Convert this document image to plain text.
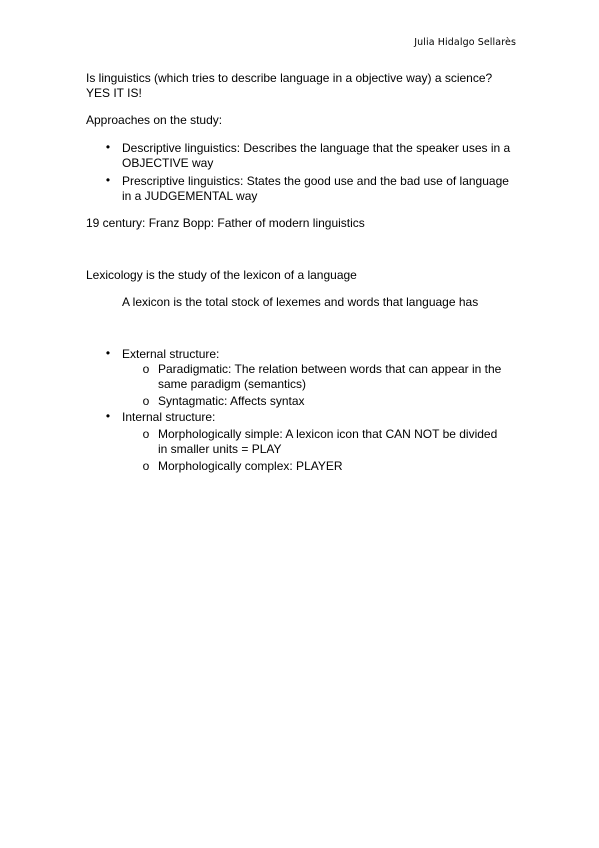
Julia Hidalgo Sellarès
Is linguistics (which tries to describe language in a objective way) a science?
YES IT IS!
Approaches on the study:
• Descriptive linguistics: Describes the language that the speaker uses in a
OBJECTIVE way
• Prescriptive linguistics: States the good use and the bad use of language
in a JUDGEMENTAL way
19 century: Franz Bopp: Father of modern linguistics
Lexicology is the study of the lexicon of a language
A lexicon is the total stock of lexemes and words that language has
• External structure:
o Paradigmatic: The relation between words that can appear in the
same paradigm (semantics)
o Syntagmatic: Affects syntax
• Internal structure:
o Morphologically simple: A lexicon icon that CAN NOT be divided
in smaller units = PLAY
o Morphologically complex: PLAYER
